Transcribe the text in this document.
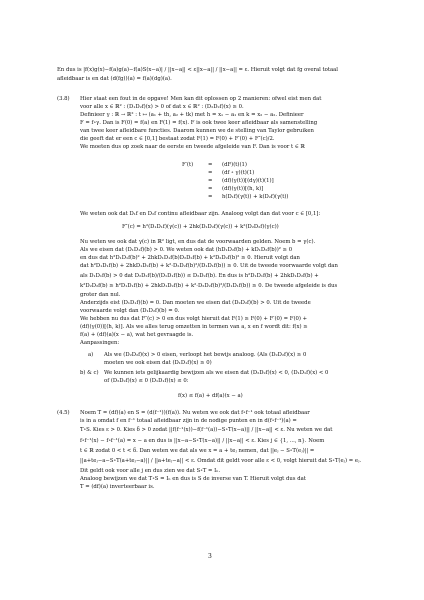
En dus is |f(x)g(x)−f(a)g(a)−f(a)S(x−a)| / ||x−a|| < ε||x−a|| / ||x−a|| = ε. Hieruit volgt dat fg overal totaal
afleidbaar is en dat (d(fg))(a) = f(a)(dg)(a).
(3.8) Hier staat een fout in de opgave! Men kan dit oplossen op 2 manieren: ofwel eist men dat
voor alle x ∈ ℝ² : (D₁D₂f)(x) > 0 of dat x ∈ ℝ² : (D₂D₂f)(x) ≥ 0.
Definieer γ : ℝ → ℝ² : t ↦ (a₁ + th, a₂ + tk) met h = x₁ − a₁ en k = x₂ − a₂. Definieer
F = f∘γ. Dan is F(0) = f(a) en F(1) = f(x). F is ook twee keer afleidbaar als samenstelling
van twee keer afleidbare functies. Daarom kunnen we de stelling van Taylor gebruiken
die geeft dat er een c ∈ [0,1] bestaat zodat F(1) = F(0) + F′(0) + F″(c)/2.
We moeten dus op zoek naar de eerste en tweede afgeleide van F. Dan is voor t ∈ ℝ
F′(t)	=
=
=
=
=
(dF)(t)(1)
(df ∘ γ)(t)(1)
(df)(γ(t))[(dγ)(t)(1)]
(df)(γ(t))[(h, k)]
h(D₁f)(γ(t)) + k(D₂f)(γ(t))
We weten ook dat D₁f en D₂f continu afleidbaar zijn. Analoog volgt dan dat voor c ∈ [0,1]:
F″(c) = h²(D₁D₁f)(γ(c)) + 2hk(D₁D₂f)(γ(c)) + k²(D₂D₂f)(γ(c))
Nu weten we ook dat γ(c) in ℝ² ligt, en dus dat de voorwaarden gelden. Noem b = γ(c).
Als we eisen dat (D₁D₁f)(b) > 0. We weten ook dat (hD₁D₂f(b) + kD₁D₂f(b))² ≥ 0
en dus dat h²D₁D₁f(b)² + 2hkD₁D₁f(b)D₂D₂f(b) + k²D₂D₂f(b)² ≥ 0. Hieruit volgt dan
dat h²D₁D₁f(b) + 2hkD₁D₂f(b) + k²·D₂D₂f(b)²/(D₁D₁f(b)) ≥ 0. Uit de tweede voorwaarde volgt dan
als D₁D₁f(b) > 0 dat D₂D₂f(b)/(D₁D₁f(b)) ≤ D₂D₂f(b). En dus is h²D₁D₁f(b) + 2hkD₁D₂f(b) +
k²D₂D₂f(b) ≥ h²D₁D₁f(b) + 2hkD₁D₂f(b) + k²·D₂D₂f(b)²/(D₁D₁f(b)) ≥ 0. De tweede afgeleide is dus
groter dan nul.
Anderzijds eist (D₁D₁f)(b) = 0. Dan moeten we eisen dat (D₂D₂f)(b) > 0. Uit de tweede
voorwaarde volgt dan (D₁D₂f)(b) = 0.
We hebben nu dus dat F″(c) > 0 en dus volgt hieruit dat F(1) ≥ F(0) + F′(0) = F(0) +
(df)(γ(0))[(h, k)]. Als we alles terug omzetten in termen van a, x en f wordt dit: f(x) ≥
f(a) + (df)(a)(x − a), wat het gevraagde is.
Aanpassingen:
a) Als we (D₂D₂f)(x) > 0 eisen, verloopt het bewijs analoog. (Als (D₂D₂f)(x) ≥ 0
moeten we ook eisen dat (D₁D₁f)(x) ≥ 0)
b) & c) We kunnen iets gelijkaardig bewijzen als we eisen dat (D₂D₂f)(x) < 0, (D₁D₁f)(x) < 0
of (D₂D₂f)(x) ≤ 0 (D₁D₁f)(x) ≤ 0:
f(x) ≤ f(a) + df(a)(x − a)
(4.5) Noem T = (df)(a) en S = (d(f⁻¹))(f(a)). Nu weten we ook dat f∘f⁻¹ ook totaal afleidbaar
is in a omdat f en f⁻¹ totaal afleidbaar zijn in de nodige punten en in d(f∘f⁻¹)(a) =
T∘S. Kies ε > 0. Kies δ > 0 zodat ||f(f⁻¹(x))−f(f⁻¹(a))−S∘T(x−a)|| / ||x−a|| < ε. Nu weten we dat
f∘f⁻¹(x) − f∘f⁻¹(a) = x − a en dus is ||x−a−S∘T(x−a)|| / ||x−a|| < ε. Kies j ∈ {1, ..., n}. Noem
t ∈ ℝ zodat 0 < t < δ. Dan weten we dat als we x = a + teⱼ nemen, dat ||eⱼ − S∘T(eⱼ)|| =
||a+teⱼ−a−S∘T(a+teⱼ−a)|| / ||a+teⱼ−a|| < ε. Omdat dit geldt voor alle ε < 0, volgt hieruit dat S∘T(eⱼ) = eⱼ.
Dit geldt ook voor alle j en dus zien we dat S∘T = Iₙ.
Analoog bewijzen we dat T∘S = Iₙ en dus is S de inverse van T. Hieruit volgt dus dat
T = (df)(a) inverteerbaar is.
3
